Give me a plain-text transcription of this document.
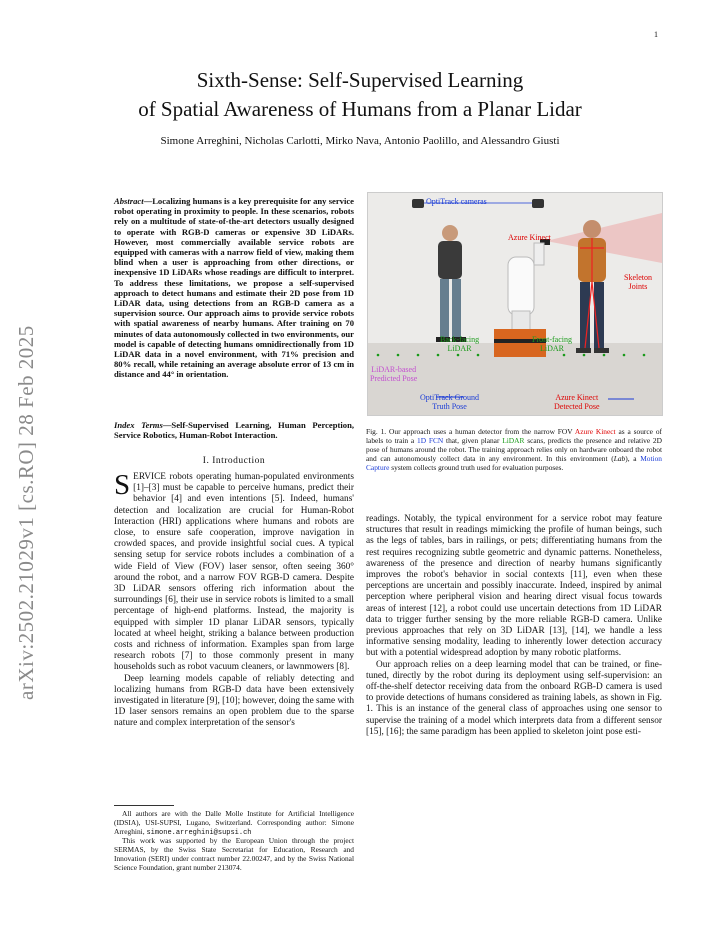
1
arXiv:2502.21029v1 [cs.RO] 28 Feb 2025
Sixth-Sense: Self-Supervised Learning
of Spatial Awareness of Humans from a Planar Lidar
Simone Arreghini, Nicholas Carlotti, Mirko Nava, Antonio Paolillo, and Alessandro Giusti
Abstract—Localizing humans is a key prerequisite for any service robot operating in proximity to people. In these scenarios, robots rely on a multitude of state-of-the-art detectors usually designed to operate with RGB-D cameras or expensive 3D LiDARs. However, most commercially available service robots are equipped with cameras with a narrow field of view, making them blind when a user is approaching from other directions, or inexpensive 1D LiDARs whose readings are difficult to interpret. To address these limitations, we propose a self-supervised approach to detect humans and estimate their 2D pose from 1D LiDAR data, using detections from an RGB-D camera as a supervision source. Our approach aims to provide service robots with spatial awareness of nearby humans. After training on 70 minutes of data autonomously collected in two environments, our model is capable of detecting humans omnidirectionally from 1D LiDAR data in a novel environment, with 71% precision and 80% recall, while retaining an average absolute error of 13 cm in distance and 44° in orientation.
Index Terms—Self-Supervised Learning, Human Perception, Service Robotics, Human-Robot Interaction.
I. Introduction

SERVICE robots operating human-populated environments [1]–[3] must be capable to perceive humans, predict their behavior [4] and even intentions [5]. Indeed, humans' detection and localization are crucial for Human-Robot Interaction (HRI) applications where humans and robots are close, to ensure safe cooperation, improve navigation in crowded spaces, and provide insightful social cues. A typical sensing setup for service robots includes a combination of a wide Field of View (FOV) laser sensor, often seeing 360° around the robot, and a narrow FOV RGB-D camera. Despite 3D LiDAR sensors offering rich information about the surroundings [6], their use in service robots is limited to a small percentage of high-end platforms. Instead, the majority is equipped with simpler 1D planar LiDAR sensors, typically located at wheel height, striking a balance between production costs and richness of information. Examples span from large research robots [7] to those commonly present in many households such as robot vacuum cleaners, or lawnmowers [8].

Deep learning models capable of reliably detecting and localizing humans from RGB-D data have been extensively investigated in literature [9], [10]; however, doing the same with 1D laser sensors remains an open problem due to the sparse nature and complex interpretation of the sensor's

All authors are with the Dalle Molle Institute for Artificial Intelligence (IDSIA), USI-SUPSI, Lugano, Switzerland. Corresponding author: Simone Arreghini, simone.arreghini@supsi.ch

This work was supported by the European Union through the project SERMAS, by the Swiss State Secretariat for Education, Research and Innovation (SERI) under contract number 22.00247, and by the Swiss National Science Foundation, grant number 213074.

OptiTrack cameras
Azure Kinect
Skeleton
Joints
Back-facing
LiDAR
Front-facing
LiDAR
LiDAR-based
Predicted Pose
OptiTrack Ground
Truth Pose
Azure Kinect
Detected Pose
Fig. 1. Our approach uses a human detector from the narrow FOV Azure Kinect as a source of labels to train a 1D FCN that, given planar LiDAR scans, predicts the presence and relative 2D pose of humans around the robot. The training approach relies only on hardware onboard the robot and can autonomously collect data in any environment. In this environment (Lab), a Motion Capture system collects ground truth used for evaluation purposes.

readings. Notably, the typical environment for a service robot may feature structures that result in readings mimicking the profile of human beings, such as the legs of tables, bars in railings, or pets; differentiating humans from the rest requires recognizing subtle geometric and dynamic patterns. Nonetheless, awareness of the presence and direction of nearby humans significantly improves the robot's behavior in social contexts [11], even when these perceptions are uncertain and possibly inaccurate. Indeed, inspired by animal perception where peripheral vision and hearing direct visual focus towards areas of interest [12], a robot could use uncertain detections from 1D LiDAR data to trigger further sensing by the more reliable RGB-D camera. Unlike previous approaches that rely on 3D LiDAR [13], [14], we handle a less informative sensing modality, leading to inherently lower detection accuracy but with a potential widespread adoption by many robotic platforms.

Our approach relies on a deep learning model that can be trained, or fine-tuned, directly by the robot during its deployment using self-supervision: an off-the-shelf detector receiving data from the onboard RGB-D camera is used to provide detections of humans considered as training labels, as shown in Fig. 1. This is an instance of the general class of approaches using one sensor to supervise the training of a model which interprets data from a different sensor [15], [16]; the same paradigm has been applied to skeleton joint pose esti-
